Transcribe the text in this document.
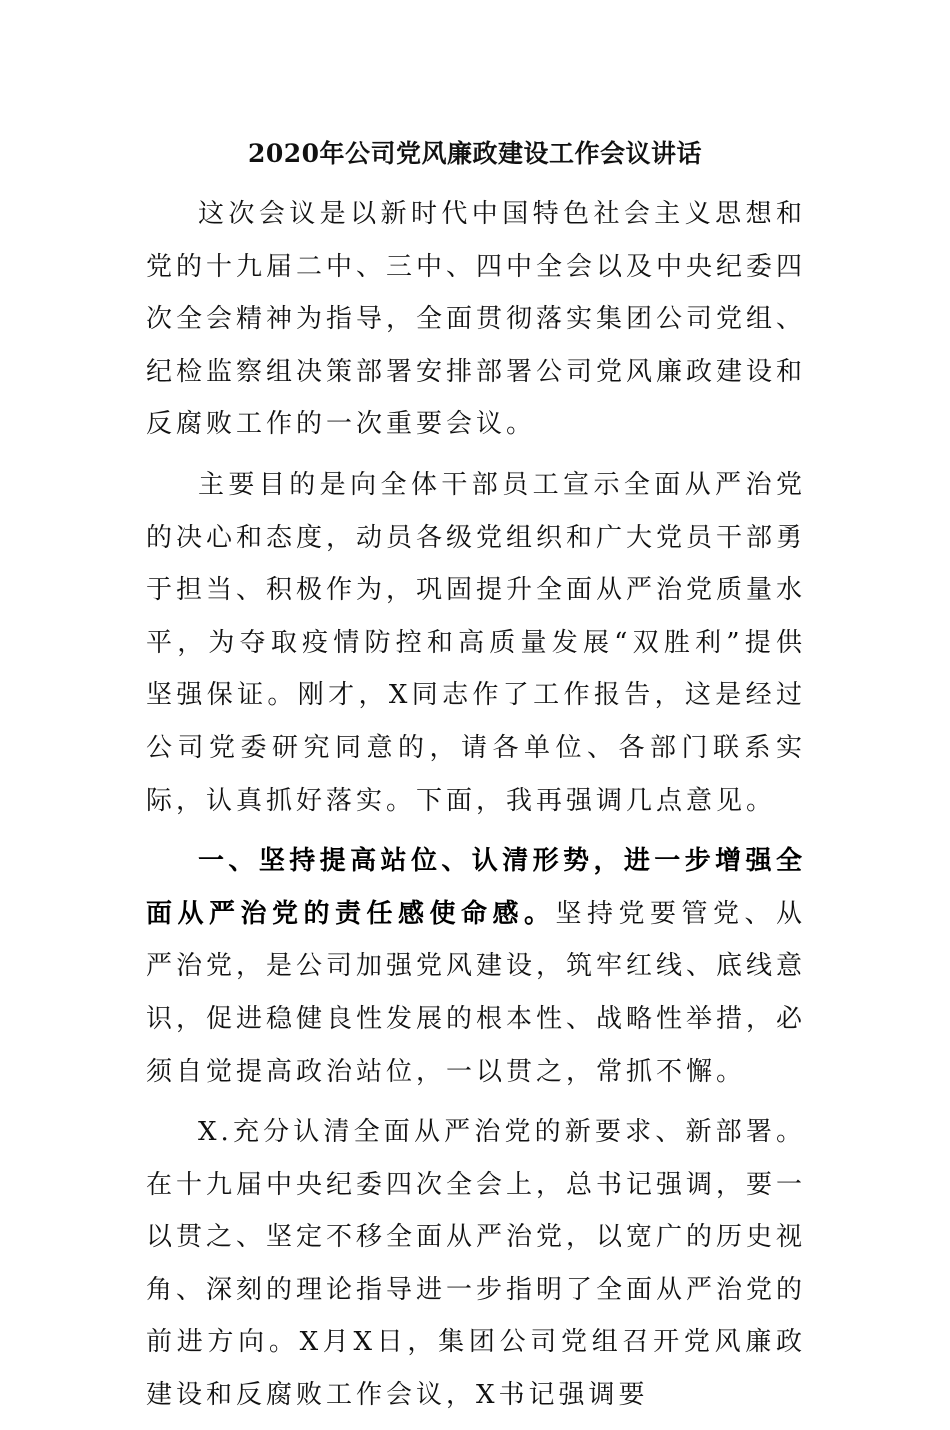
2020年公司党风廉政建设工作会议讲话

这次会议是以新时代中国特色社会主义思想和党的十九届二中、三中、四中全会以及中央纪委四次全会精神为指导，全面贯彻落实集团公司党组、纪检监察组决策部署安排部署公司党风廉政建设和反腐败工作的一次重要会议。

主要目的是向全体干部员工宣示全面从严治党的决心和态度，动员各级党组织和广大党员干部勇于担当、积极作为，巩固提升全面从严治党质量水平，为夺取疫情防控和高质量发展“双胜利”提供坚强保证。刚才，X同志作了工作报告，这是经过公司党委研究同意的，请各单位、各部门联系实际，认真抓好落实。下面，我再强调几点意见。

一、坚持提高站位、认清形势，进一步增强全面从严治党的责任感使命感。坚持党要管党、从严治党，是公司加强党风建设，筑牢红线、底线意识，促进稳健良性发展的根本性、战略性举措，必须自觉提高政治站位，一以贯之，常抓不懈。

X.充分认清全面从严治党的新要求、新部署。在十九届中央纪委四次全会上，总书记强调，要一以贯之、坚定不移全面从严治党，以宽广的历史视角、深刻的理论指导进一步指明了全面从严治党的前进方向。X月X日，集团公司党组召开党风廉政建设和反腐败工作会议，X书记强调要
